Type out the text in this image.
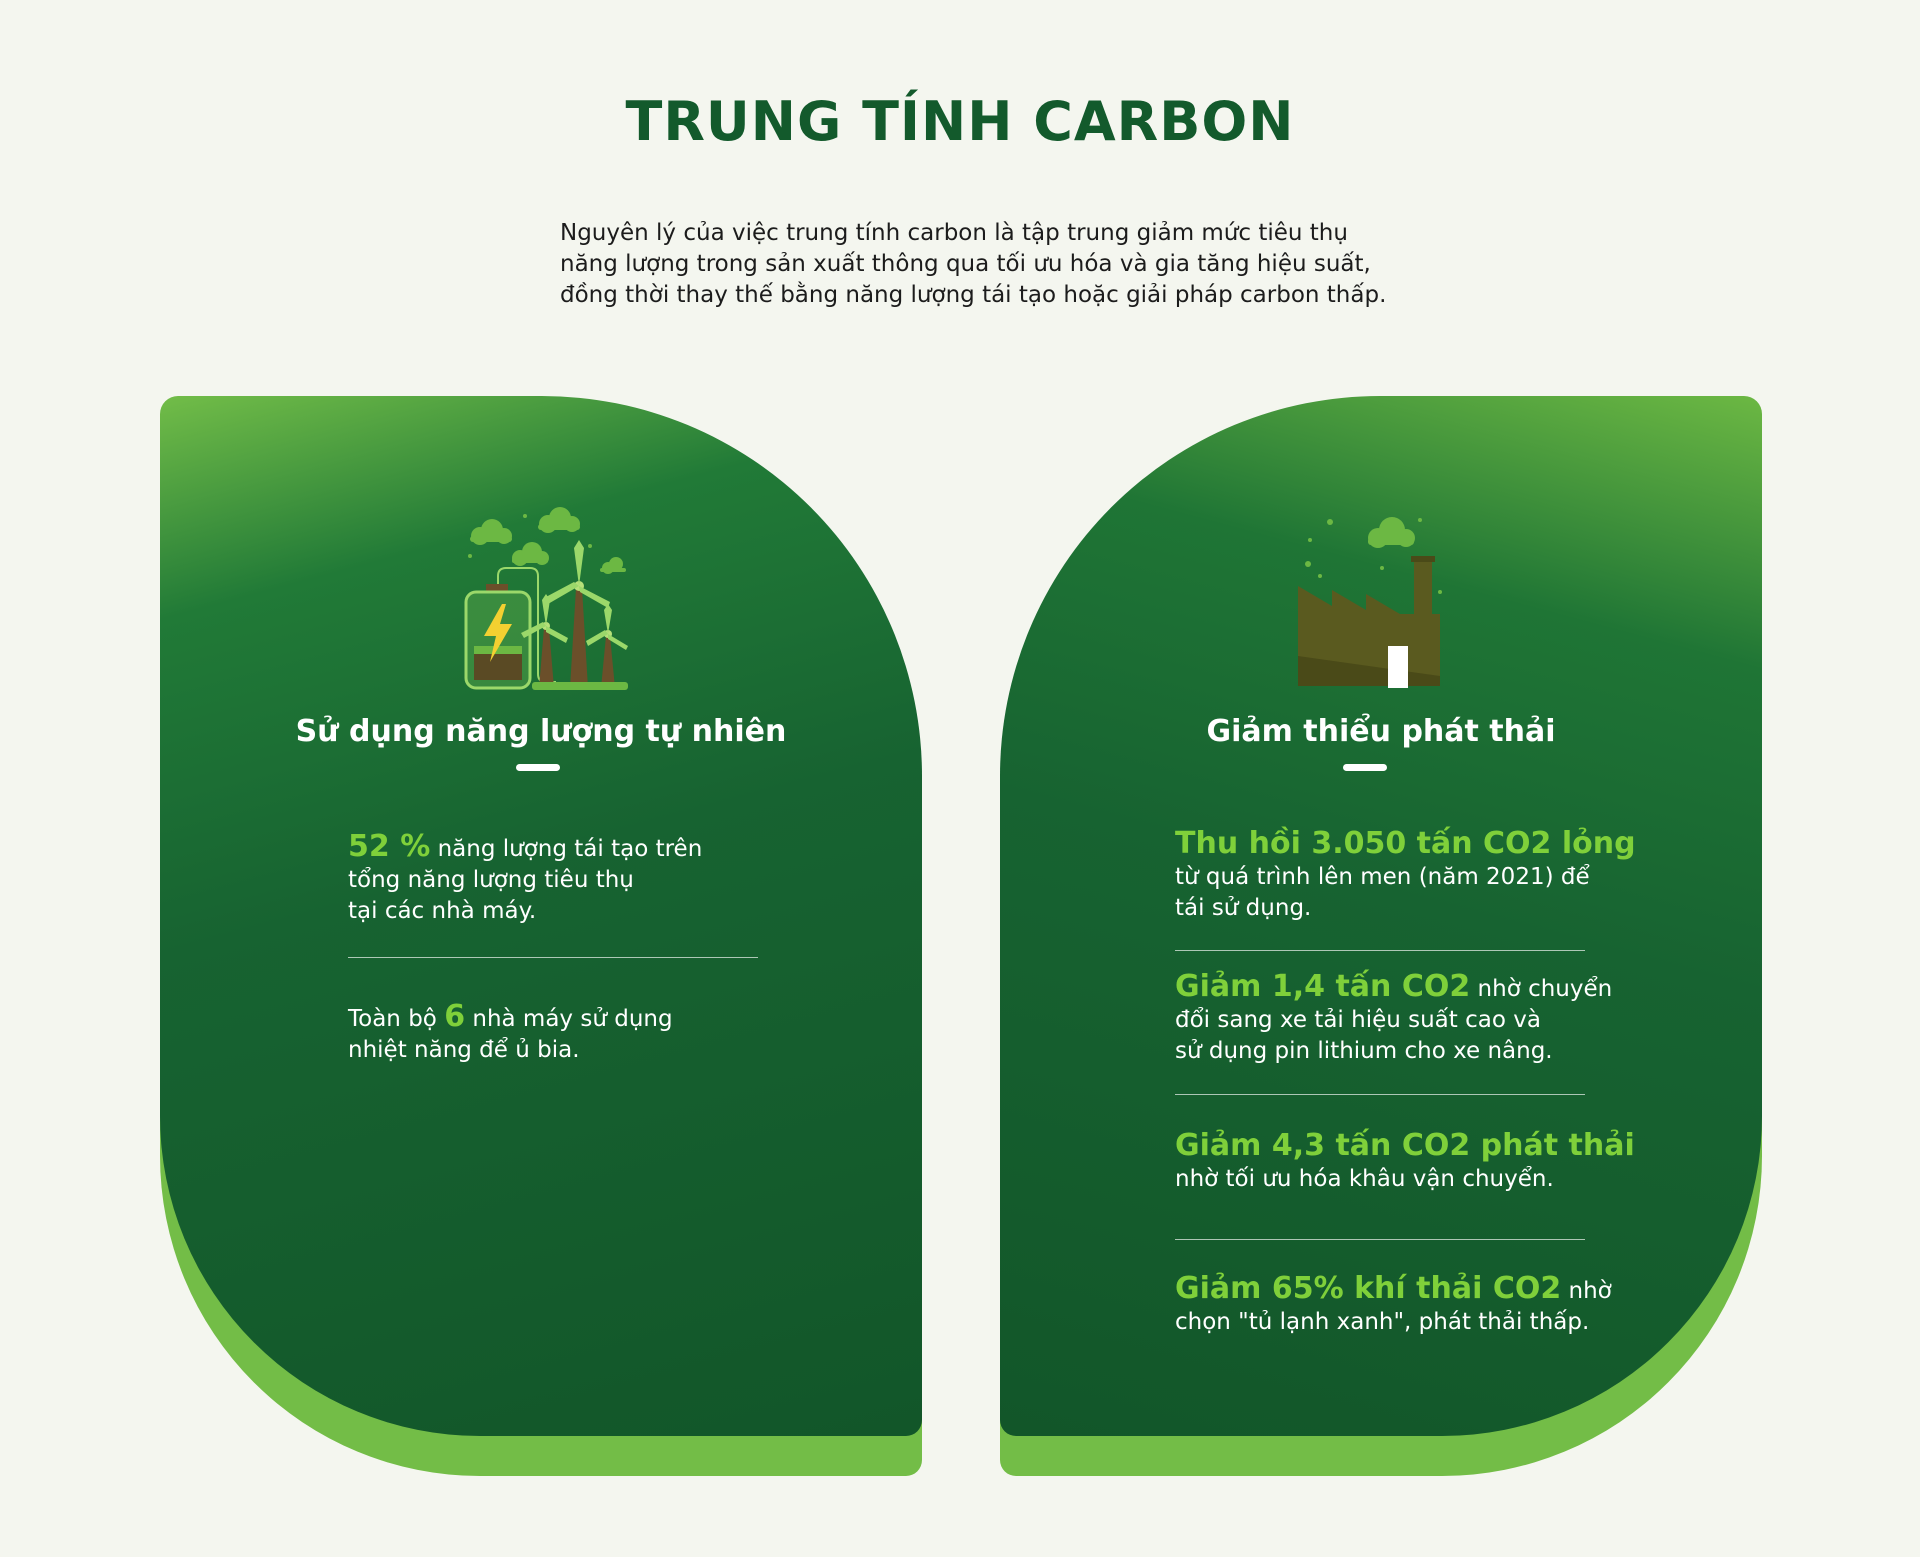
TRUNG TÍNH CARBON

Nguyên lý của việc trung tính carbon là tập trung giảm mức tiêu thụ
năng lượng trong sản xuất thông qua tối ưu hóa và gia tăng hiệu suất,
đồng thời thay thế bằng năng lượng tái tạo hoặc giải pháp carbon thấp.

Sử dụng năng lượng tự nhiên
52 % năng lượng tái tạo trên
tổng năng lượng tiêu thụ
tại các nhà máy.
Toàn bộ 6 nhà máy sử dụng
nhiệt năng để ủ bia.
Giảm thiểu phát thải
Thu hồi 3.050 tấn CO2 lỏng
từ quá trình lên men (năm 2021) để
tái sử dụng.
Giảm 1,4 tấn CO2 nhờ chuyển
đổi sang xe tải hiệu suất cao và
sử dụng pin lithium cho xe nâng.
Giảm 4,3 tấn CO2 phát thải
nhờ tối ưu hóa khâu vận chuyển.
Giảm 65% khí thải CO2 nhờ
chọn "tủ lạnh xanh", phát thải thấp.
